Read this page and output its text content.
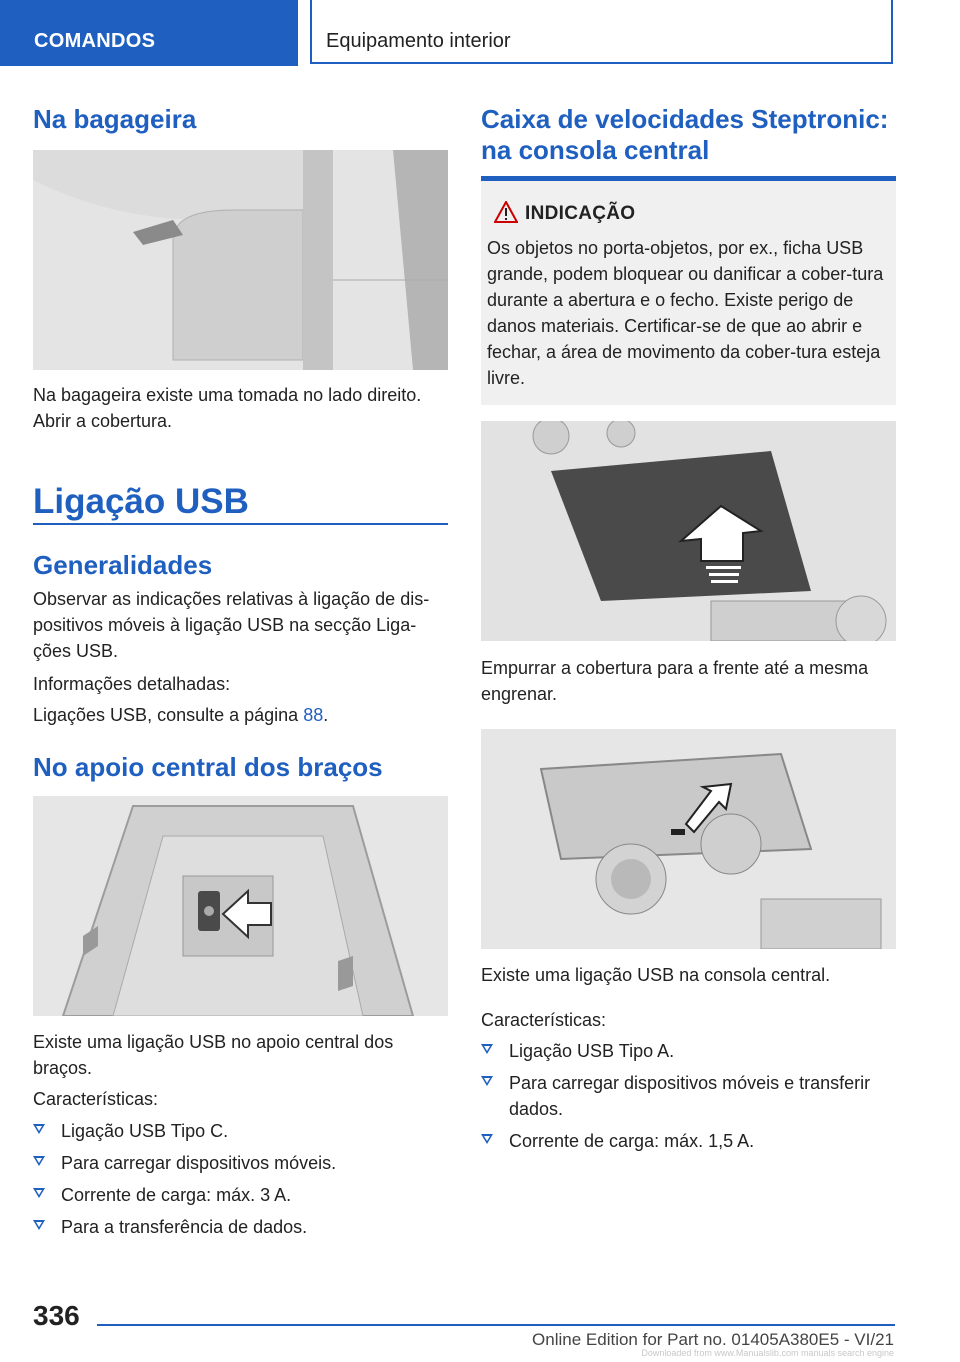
COMANDOS	Equipamento interior
Na bagageira
Na bagageira existe uma tomada no lado direito. Abrir a cobertura.
Ligação USB
Generalidades
Observar as indicações relativas à ligação de dis-positivos móveis à ligação USB na secção Liga-ções USB.
Informações detalhadas:
Ligações USB, consulte a página 88.
No apoio central dos braços
Existe uma ligação USB no apoio central dos braços.
Características:
Ligação USB Tipo C.
Para carregar dispositivos móveis.
Corrente de carga: máx. 3 A.
Para a transferência de dados.
Caixa de velocidades Steptronic: na consola central
INDICAÇÃO
Os objetos no porta-objetos, por ex., ficha USB grande, podem bloquear ou danificar a cober-tura durante a abertura e o fecho. Existe perigo de danos materiais. Certificar-se de que ao abrir e fechar, a área de movimento da cober-tura esteja livre.
Empurrar a cobertura para a frente até a mesma engrenar.
Existe uma ligação USB na consola central.
Características:
Ligação USB Tipo A.
Para carregar dispositivos móveis e transferir dados.
Corrente de carga: máx. 1,5 A.
336
Online Edition for Part no. 01405A380E5 - VI/21
Downloaded from www.Manualslib.com manuals search engine
